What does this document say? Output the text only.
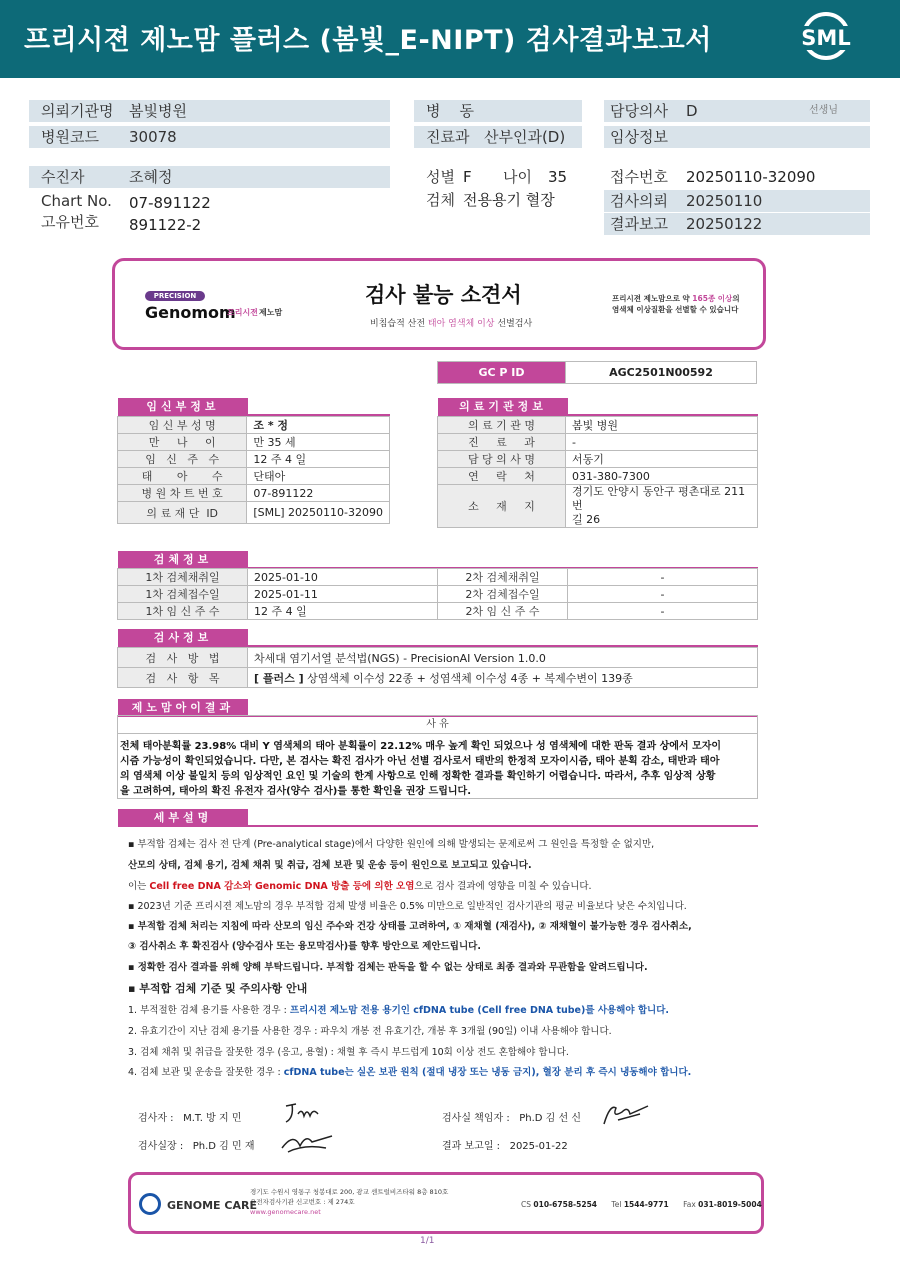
프리시젼 제노맘 플러스 (봄빛_E-NIPT) 검사결과보고서	SML
의뢰기관명 봄빛병원
병원코드 30078
병    동
진료과 산부인과(D)
담당의사 D	선생님
임상정보
수진자	조혜정
Chart No. 07-891122
고유번호 891122-2
성별 F 나이 35
검체 전용용기 혈장
접수번호 20250110-32090
검사의뢰 20250110
결과보고 20250122
PRECISION
Genomom
프리시젼 제노맘
검사 불능 소견서
비침습적 산전 태아 염색체 이상 선별검사
프리시젼 제노맘으로 약 165종 이상의
염색체 이상질환을 선별할 수 있습니다
GC P ID	AGC2501N00592
임신부정보
임 신 부 성 명	조 * 정
만     나     이	만 35 세
임   신   주   수	12 주 4 일
태       아       수	단태아
병 원 차 트 번 호	07-891122
의 료 재 단  ID	[SML] 20250110-32090
의료기관정보
의 료 기 관 명	봄빛 병원
진     료     과	-
담 당 의 사 명	서동기
연     락     처	031-380-7300
소     재     지	경기도 안양시 동안구 평촌대로 211번
길 26
검체정보
1차 검체채취일	2025-01-10	2차 검체채취일	-
1차 검체접수일	2025-01-11	2차 검체접수일	-
1차 임 신 주 수	12 주 4 일	2차 임 신 주 수	-
검사정보
검   사   방   법	차세대 염기서열 분석법(NGS) - PrecisionAI Version 1.0.0
검   사   항   목	[ 플러스 ] 상염색체 이수성 22종 + 성염색체 이수성 4종 + 복제수변이 139종
제노맘아이결과
사 유
전체 태아분획률 23.98% 대비 Y 염색체의 태아 분획률이 22.12% 매우 높게 확인 되었으나 성 염색체에 대한 판독 결과 상에서 모자이
시즘 가능성이 확인되었습니다. 다만, 본 검사는 확진 검사가 아닌 선별 검사로서 태반의 한정적 모자이시즘, 태아 분획 감소, 태반과 태아
의 염색체 이상 불일치 등의 임상적인 요인 및 기술의 한계 사항으로 인해 정확한 결과를 확인하기 어렵습니다. 따라서, 추후 임상적 상황
을 고려하여, 태아의 확진 유전자 검사(양수 검사)를 통한 확인을 권장 드립니다.
세부설명

▪ 부적합 검체는 검사 전 단계 (Pre-analytical stage)에서 다양한 원인에 의해 발생되는 문제로써 그 원인을 특정할 순 없지만,

산모의 상태, 검체 용기, 검체 채취 및 취급, 검체 보관 및 운송 등이 원인으로 보고되고 있습니다.

이는 Cell free DNA 감소와 Genomic DNA 방출 등에 의한 오염으로 검사 결과에 영향을 미칠 수 있습니다.

▪ 2023년 기준 프리시젼 제노맘의 경우 부적합 검체 발생 비율은 0.5% 미만으로 일반적인 검사기관의 평균 비율보다 낮은 수치입니다.

▪ 부적합 검체 처리는 지침에 따라 산모의 임신 주수와 건강 상태를 고려하여, ① 재채혈 (재검사), ② 재채혈이 불가능한 경우 검사취소,

③ 검사취소 후 확진검사 (양수검사 또는 융모막검사)를 향후 방안으로 제안드립니다.

▪ 정확한 검사 결과를 위해 양해 부탁드립니다. 부적합 검체는 판독을 할 수 없는 상태로 최종 결과와 무관함을 알려드립니다.

▪ 부적합 검체 기준 및 주의사항 안내

1. 부적절한 검체 용기를 사용한 경우 : 프리시젼 제노맘 전용 용기인 cfDNA tube (Cell free DNA tube)를 사용해야 합니다.

2. 유효기간이 지난 검체 용기를 사용한 경우 : 파우치 개봉 전 유효기간, 개봉 후 3개월 (90일) 이내 사용해야 합니다.

3. 검체 채취 및 취급을 잘못한 경우 (응고, 용혈) : 채혈 후 즉시 부드럽게 10회 이상 전도 혼합해야 합니다.

4. 검체 보관 및 운송을 잘못한 경우 : cfDNA tube는 실온 보관 원칙 (절대 냉장 또는 냉동 금지), 혈장 분리 후 즉시 냉동해야 합니다.

검사자 : M.T. 방 지 민
검사실장 : Ph.D 김 민 재
검사실 책임자 : Ph.D 김 선 신
결과 보고일 : 2025-01-22
GENOME CARE
경기도 수원시 영통구 청봉대로 200, 광교 센트럴비즈타워 8층 810호
유전자검사기관 신고번호 : 제 274호
www.genomecare.net
CS 010-6758-5254 Tel 1544-9771 Fax 031-8019-5004
1/1
